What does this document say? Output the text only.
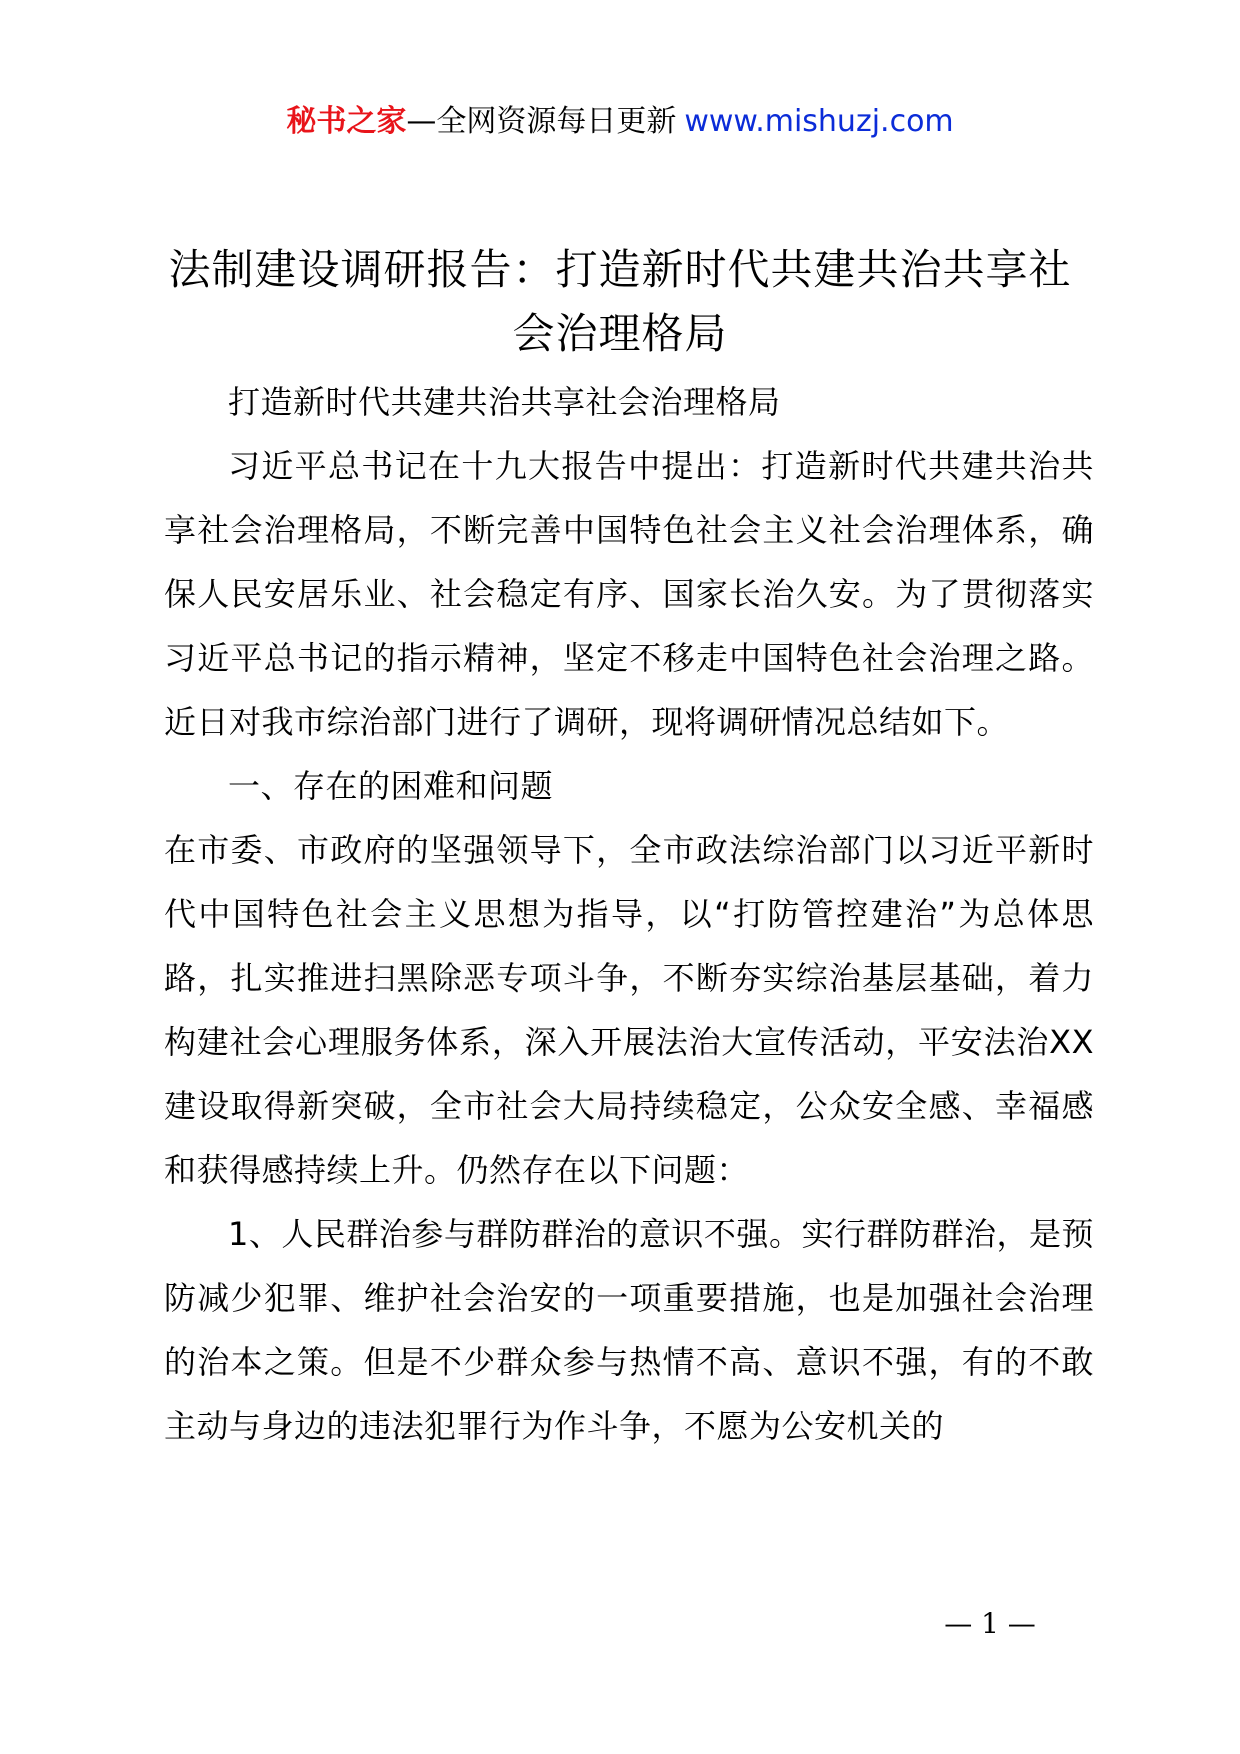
秘书之家—全网资源每日更新 www.mishuzj.com
法制建设调研报告：打造新时代共建共治共享社会治理格局

打造新时代共建共治共享社会治理格局

习近平总书记在十九大报告中提出：打造新时代共建共治共享社会治理格局，不断完善中国特色社会主义社会治理体系，确保人民安居乐业、社会稳定有序、国家长治久安。为了贯彻落实习近平总书记的指示精神，坚定不移走中国特色社会治理之路。近日对我市综治部门进行了调研，现将调研情况总结如下。

一、存在的困难和问题

在市委、市政府的坚强领导下，全市政法综治部门以习近平新时代中国特色社会主义思想为指导，以“打防管控建治”为总体思路，扎实推进扫黑除恶专项斗争，不断夯实综治基层基础，着力构建社会心理服务体系，深入开展法治大宣传活动，平安法治XX建设取得新突破，全市社会大局持续稳定，公众安全感、幸福感和获得感持续上升。仍然存在以下问题：

1、人民群治参与群防群治的意识不强。实行群防群治，是预防减少犯罪、维护社会治安的一项重要措施，也是加强社会治理的治本之策。但是不少群众参与热情不高、意识不强，有的不敢主动与身边的违法犯罪行为作斗争，不愿为公安机关的

— 1 —
